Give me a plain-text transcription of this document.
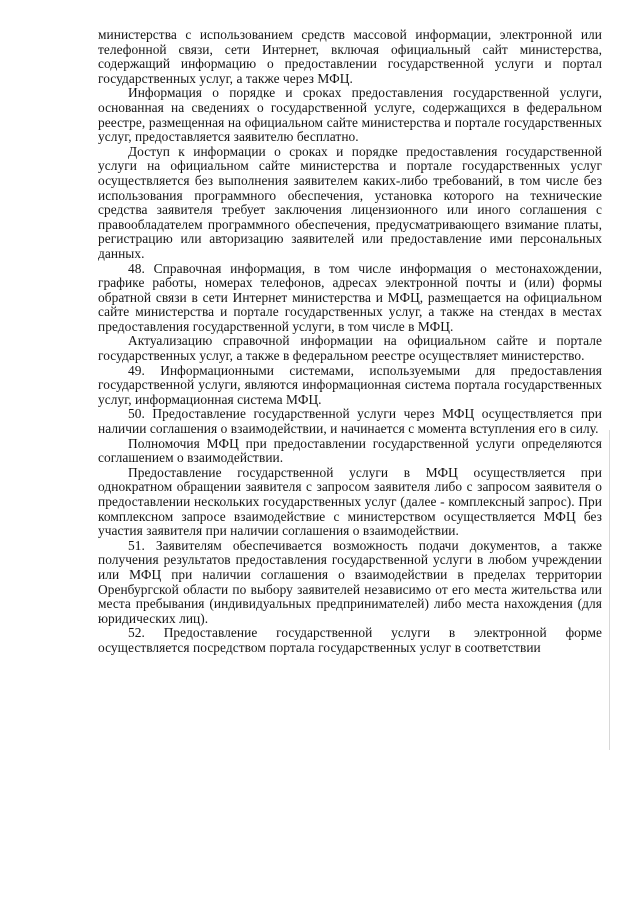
министерства с использованием средств массовой информации, электронной или телефонной связи, сети Интернет, включая официальный сайт министерства, содержащий информацию о предоставлении государственной услуги и портал государственных услуг, а также через МФЦ.

Информация о порядке и сроках предоставления государственной услуги, основанная на сведениях о государственной услуге, содержащихся в федеральном реестре, размещенная на официальном сайте министерства и портале государственных услуг, предоставляется заявителю бесплатно.

Доступ к информации о сроках и порядке предоставления государственной услуги на официальном сайте министерства и портале государственных услуг осуществляется без выполнения заявителем каких-либо требований, в том числе без использования программного обеспечения, установка которого на технические средства заявителя требует заключения лицензионного или иного соглашения с правообладателем программного обеспечения, предусматривающего взимание платы, регистрацию или авторизацию заявителей или предоставление ими персональных данных.

48. Справочная информация, в том числе информация о местонахождении, графике работы, номерах телефонов, адресах электронной почты и (или) формы обратной связи в сети Интернет министерства и МФЦ, размещается на официальном сайте министерства и портале государственных услуг, а также на стендах в местах предоставления государственной услуги, в том числе в МФЦ.

Актуализацию справочной информации на официальном сайте и портале государственных услуг, а также в федеральном реестре осуществляет министерство.

49. Информационными системами, используемыми для предоставления государственной услуги, являются информационная система портала государственных услуг, информационная система МФЦ.

50. Предоставление государственной услуги через МФЦ осуществляется при наличии соглашения о взаимодействии, и начинается с момента вступления его в силу.

Полномочия МФЦ при предоставлении государственной услуги определяются соглашением о взаимодействии.

Предоставление государственной услуги в МФЦ осуществляется при однократном обращении заявителя с запросом заявителя либо с запросом заявителя о предоставлении нескольких государственных услуг (далее - комплексный запрос). При комплексном запросе взаимодействие с министерством осуществляется МФЦ без участия заявителя при наличии соглашения о взаимодействии.

51. Заявителям обеспечивается возможность подачи документов, а также получения результатов предоставления государственной услуги в любом учреждении или МФЦ при наличии соглашения о взаимодействии в пределах территории Оренбургской области по выбору заявителей независимо от его места жительства или места пребывания (индивидуальных предпринимателей) либо места нахождения (для юридических лиц).

52. Предоставление государственной услуги в электронной форме осуществляется посредством портала государственных услуг в соответствии
